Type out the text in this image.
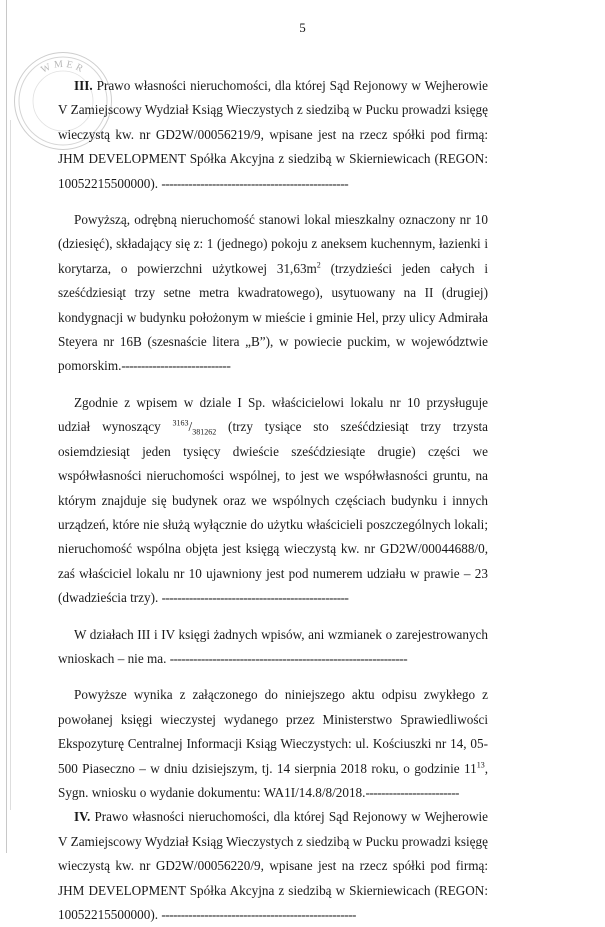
5
WMER

III. Prawo własności nieruchomości, dla której Sąd Rejonowy w Wejherowie V Zamiejscowy Wydział Ksiąg Wieczystych z siedzibą w Pucku prowadzi księgę wieczystą kw. nr GD2W/00056219/9, wpisane jest na rzecz spółki pod firmą: JHM DEVELOPMENT Spółka Akcyjna z siedzibą w Skierniewicach (REGON: 10052215500000). ------------------------------------------------

Powyższą, odrębną nieruchomość stanowi lokal mieszkalny oznaczony nr 10 (dziesięć), składający się z: 1 (jednego) pokoju z aneksem kuchennym, łazienki i korytarza, o powierzchni użytkowej $31,63m^2$ (trzydzieści jeden całych i sześćdziesiąt trzy setne metra kwadratowego), usytuowany na II (drugiej) kondygnacji w budynku położonym w mieście i gminie Hel, przy ulicy Admirała Steyera nr 16B (szesnaście litera „B”), w powiecie puckim, w województwie pomorskim.----------------------------

Zgodnie z wpisem w dziale I Sp. właścicielowi lokalu nr 10 przysługuje udział wynoszący $^{3163}/_{381262}$ (trzy tysiące sto sześćdziesiąt trzy trzysta osiemdziesiąt jeden tysięcy dwieście sześćdziesiąte drugie) części we współwłasności nieruchomości wspólnej, to jest we współwłasności gruntu, na którym znajduje się budynek oraz we wspólnych częściach budynku i innych urządzeń, które nie służą wyłącznie do użytku właścicieli poszczególnych lokali; nieruchomość wspólna objęta jest księgą wieczystą kw. nr GD2W/00044688/0, zaś właściciel lokalu nr 10 ujawniony jest pod numerem udziału w prawie – 23 (dwadzieścia trzy). ------------------------------------------------

W działach III i IV księgi żadnych wpisów, ani wzmianek o zarejestrowanych wnioskach – nie ma. -------------------------------------------------------------

Powyższe wynika z załączonego do niniejszego aktu odpisu zwykłego z powołanej księgi wieczystej wydanego przez Ministerstwo Sprawiedliwości Ekspozyturę Centralnej Informacji Ksiąg Wieczystych: ul. Kościuszki nr 14, 05-500 Piaseczno – w dniu dzisiejszym, tj. 14 sierpnia 2018 roku, o godzinie $11^{13}$, Sygn. wniosku o wydanie dokumentu: WA1I/14.8/8/2018.------------------------

IV. Prawo własności nieruchomości, dla której Sąd Rejonowy w Wejherowie V Zamiejscowy Wydział Ksiąg Wieczystych z siedzibą w Pucku prowadzi księgę wieczystą kw. nr GD2W/00056220/9, wpisane jest na rzecz spółki pod firmą: JHM DEVELOPMENT Spółka Akcyjna z siedzibą w Skierniewicach (REGON: 10052215500000). --------------------------------------------------
